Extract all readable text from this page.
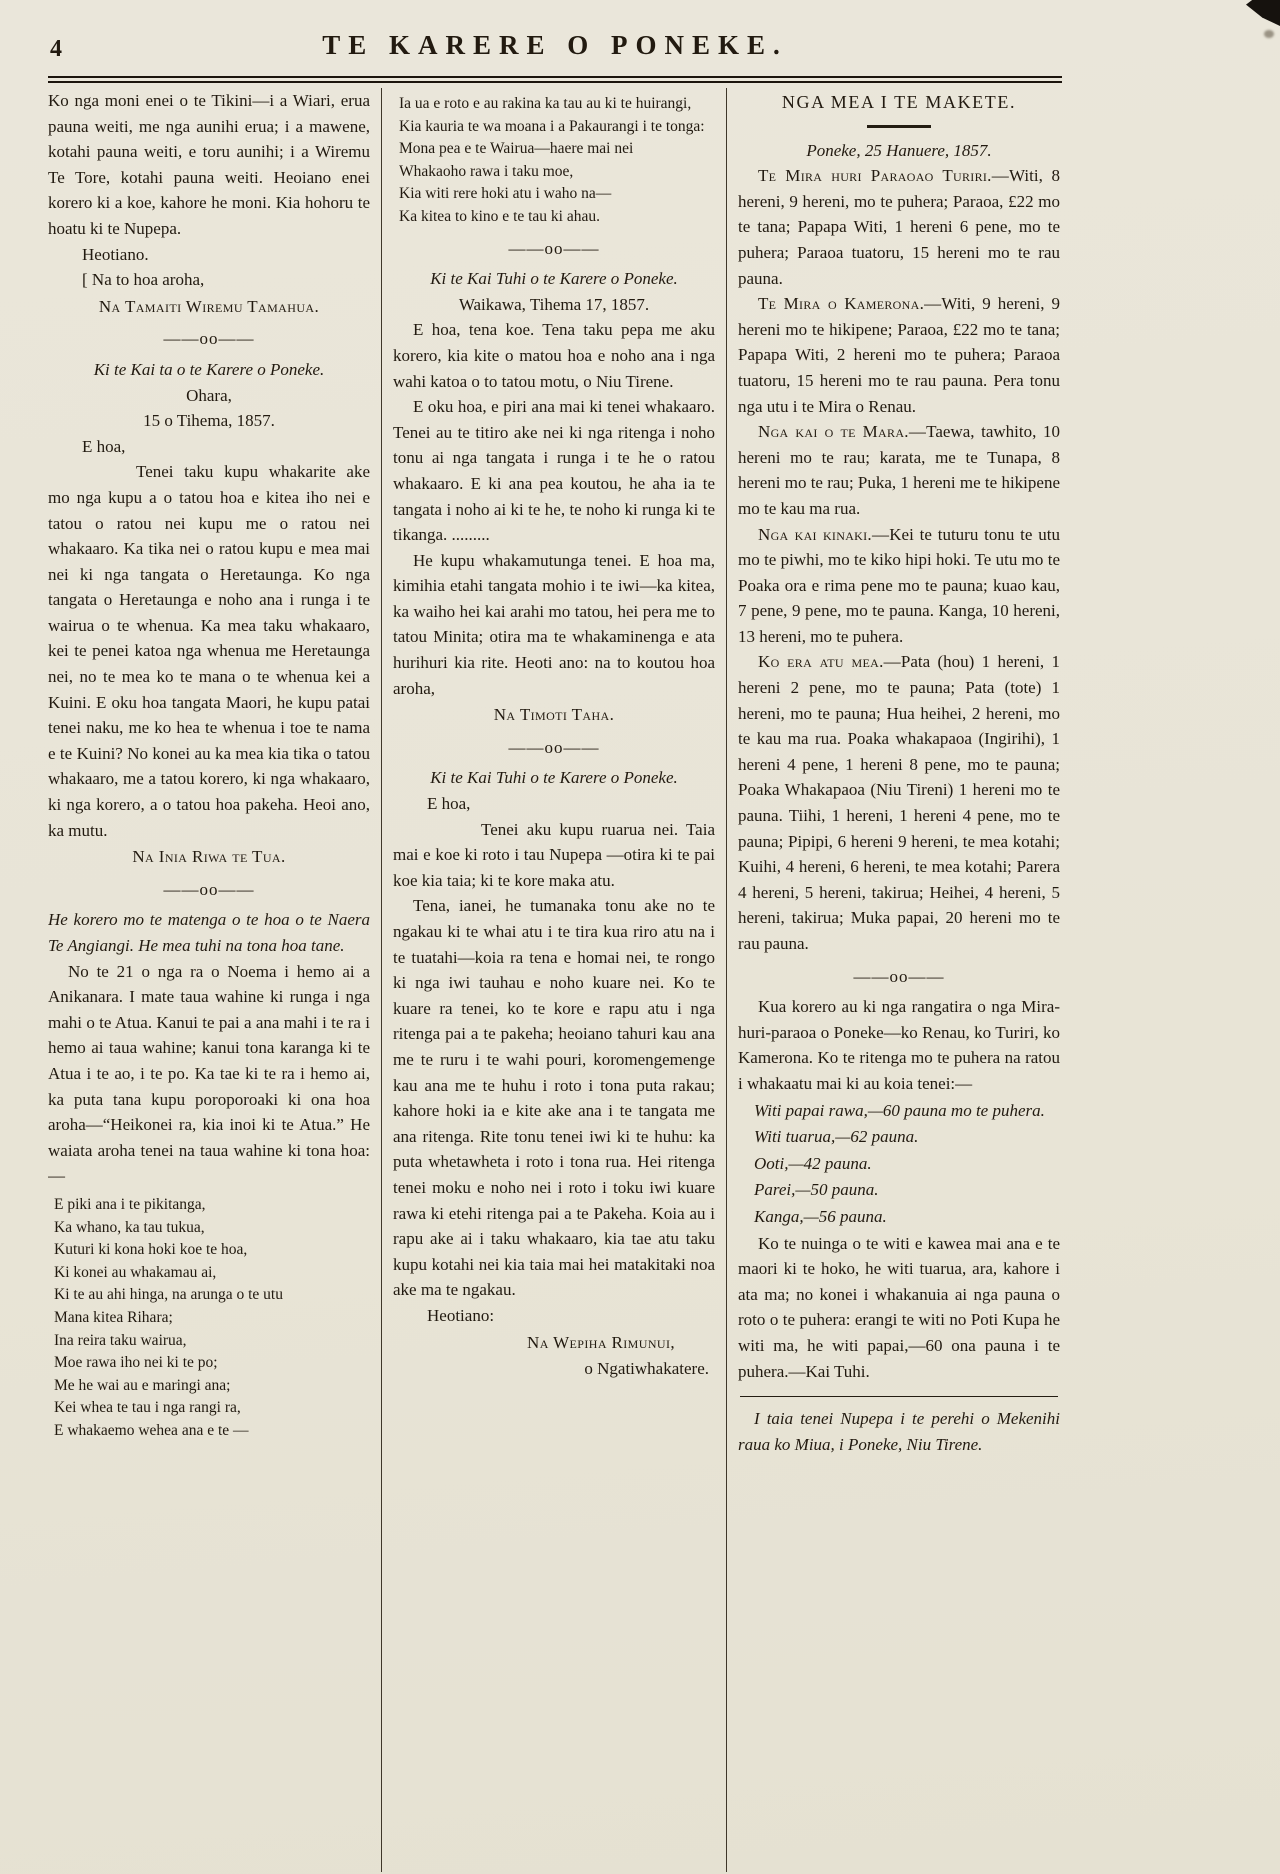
4	TE KARERE O PONEKE.
Ko nga moni enei o te Tikini—i a Wiari, erua pauna weiti, me nga aunihi erua; i a mawene, kotahi pauna weiti, e toru aunihi; i a Wiremu Te Tore, kotahi pauna weiti. Heoiano enei korero ki a koe, kahore he moni. Kia hohoru te hoatu ki te Nupepa.
Heotiano.
[ Na to hoa aroha,
Na Tamaiti Wiremu Tamahua.
——oo——
Ki te Kai ta o te Karere o Poneke.
Ohara,
15 o Tihema, 1857.
E hoa,
Tenei taku kupu whakarite ake mo nga kupu a o tatou hoa e kitea iho nei e tatou o ratou nei kupu me o ratou nei whakaaro. Ka tika nei o ratou kupu e mea mai nei ki nga tangata o Heretaunga. Ko nga tangata o Heretaunga e noho ana i runga i te wairua o te whenua. Ka mea taku whakaaro, kei te penei katoa nga whenua me Heretaunga nei, no te mea ko te mana o te whenua kei a Kuini. E oku hoa tangata Maori, he kupu patai tenei naku, me ko hea te whenua i toe te nama e te Kuini? No konei au ka mea kia tika o tatou whakaaro, me a tatou korero, ki nga whakaaro, ki nga korero, a o tatou hoa pakeha. Heoi ano, ka mutu.
Na Inia Riwa te Tua.
——oo——
He korero mo te matenga o te hoa o te Naera Te Angiangi. He mea tuhi na tona hoa tane.
No te 21 o nga ra o Noema i hemo ai a Anikanara. I mate taua wahine ki runga i nga mahi o te Atua. Kanui te pai a ana mahi i te ra i hemo ai taua wahine; kanui tona karanga ki te Atua i te ao, i te po. Ka tae ki te ra i hemo ai, ka puta tana kupu poroporoaki ki ona hoa aroha—“Heikonei ra, kia inoi ki te Atua.” He waiata aroha tenei na taua wahine ki tona hoa:—
E piki ana i te pikitanga,
Ka whano, ka tau tukua,
Kuturi ki kona hoki koe te hoa,
Ki konei au whakamau ai,
Ki te au ahi hinga, na arunga o te utu
Mana kitea Rihara;
Ina reira taku wairua,
Moe rawa iho nei ki te po;
Me he wai au e maringi ana;
Kei whea te tau i nga rangi ra,
E whakaemo wehea ana e te —
Ia ua e roto e au rakina ka tau au ki te huirangi,
Kia kauria te wa moana i a Pakaurangi i te tonga:
Mona pea e te Wairua—haere mai nei
Whakaoho rawa i taku moe,
Kia witi rere hoki atu i waho na—
Ka kitea to kino e te tau ki ahau.
——oo——
Ki te Kai Tuhi o te Karere o Poneke.
Waikawa, Tihema 17, 1857.
E hoa, tena koe. Tena taku pepa me aku korero, kia kite o matou hoa e noho ana i nga wahi katoa o to tatou motu, o Niu Tirene.
E oku hoa, e piri ana mai ki tenei whakaaro. Tenei au te titiro ake nei ki nga ritenga i noho tonu ai nga tangata i runga i te he o ratou whakaaro. E ki ana pea koutou, he aha ia te tangata i noho ai ki te he, te noho ki runga ki te tikanga. .........
He kupu whakamutunga tenei. E hoa ma, kimihia etahi tangata mohio i te iwi—ka kitea, ka waiho hei kai arahi mo tatou, hei pera me to tatou Minita; otira ma te whakaminenga e ata hurihuri kia rite. Heoti ano: na to koutou hoa aroha,
Na Timoti Taha.
——oo——
Ki te Kai Tuhi o te Karere o Poneke.
E hoa,
Tenei aku kupu ruarua nei. Taia mai e koe ki roto i tau Nupepa —otira ki te pai koe kia taia; ki te kore maka atu.
Tena, ianei, he tumanaka tonu ake no te ngakau ki te whai atu i te tira kua riro atu na i te tuatahi—koia ra tena e homai nei, te rongo ki nga iwi tauhau e noho kuare nei. Ko te kuare ra tenei, ko te kore e rapu atu i nga ritenga pai a te pakeha; heoiano tahuri kau ana me te ruru i te wahi pouri, koromengemenge kau ana me te huhu i roto i tona puta rakau; kahore hoki ia e kite ake ana i te tangata me ana ritenga. Rite tonu tenei iwi ki te huhu: ka puta whetawheta i roto i tona rua. Hei ritenga tenei moku e noho nei i roto i toku iwi kuare rawa ki etehi ritenga pai a te Pakeha. Koia au i rapu ake ai i taku whakaaro, kia tae atu taku kupu kotahi nei kia taia mai hei matakitaki noa ake ma te ngakau.
Heotiano:
Na Wepiha Rimunui,
o Ngatiwhakatere.
NGA MEA I TE MAKETE.
Poneke, 25 Hanuere, 1857.
Te Mira huri Paraoao Turiri.—Witi, 8 hereni, 9 hereni, mo te puhera; Paraoa, £22 mo te tana; Papapa Witi, 1 hereni 6 pene, mo te puhera; Paraoa tuatoru, 15 hereni mo te rau pauna.
Te Mira o Kamerona.—Witi, 9 hereni, 9 hereni mo te hikipene; Paraoa, £22 mo te tana; Papapa Witi, 2 hereni mo te puhera; Paraoa tuatoru, 15 hereni mo te rau pauna. Pera tonu nga utu i te Mira o Renau.
Nga kai o te Mara.—Taewa, tawhito, 10 hereni mo te rau; karata, me te Tunapa, 8 hereni mo te rau; Puka, 1 hereni me te hikipene mo te kau ma rua.
Nga kai kinaki.—Kei te tuturu tonu te utu mo te piwhi, mo te kiko hipi hoki. Te utu mo te Poaka ora e rima pene mo te pauna; kuao kau, 7 pene, 9 pene, mo te pauna. Kanga, 10 hereni, 13 hereni, mo te puhera.
Ko era atu mea.—Pata (hou) 1 hereni, 1 hereni 2 pene, mo te pauna; Pata (tote) 1 hereni, mo te pauna; Hua heihei, 2 hereni, mo te kau ma rua. Poaka whakapaoa (Ingirihi), 1 hereni 4 pene, 1 hereni 8 pene, mo te pauna; Poaka Whakapaoa (Niu Tireni) 1 hereni mo te pauna. Tiihi, 1 hereni, 1 hereni 4 pene, mo te pauna; Pipipi, 6 hereni 9 hereni, te mea kotahi; Kuihi, 4 hereni, 6 hereni, te mea kotahi; Parera 4 hereni, 5 hereni, takirua; Heihei, 4 hereni, 5 hereni, takirua; Muka papai, 20 hereni mo te rau pauna.
——oo——
Kua korero au ki nga rangatira o nga Mira-huri-paraoa o Poneke—ko Renau, ko Turiri, ko Kamerona. Ko te ritenga mo te puhera na ratou i whakaatu mai ki au koia tenei:—
Witi papai rawa,—60 pauna mo te puhera.
Witi tuarua,—62 pauna.
Ooti,—42 pauna.
Parei,—50 pauna.
Kanga,—56 pauna.
Ko te nuinga o te witi e kawea mai ana e te maori ki te hoko, he witi tuarua, ara, kahore i ata ma; no konei i whakanuia ai nga pauna o roto o te puhera: erangi te witi no Poti Kupa he witi ma, he witi papai,—60 ona pauna i te puhera.—Kai Tuhi.
I taia tenei Nupepa i te perehi o Mekenihi raua ko Miua, i Poneke, Niu Tirene.
